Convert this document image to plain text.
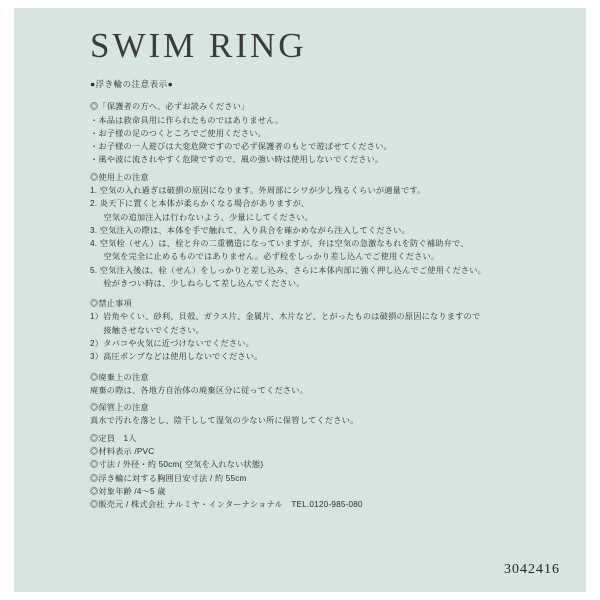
SWIM RING
●浮き輪の注意表示●

◎「保護者の方へ、必ずお読みください」

・本品は救命具用に作られたものではありません。

・お子様の足のつくところでご使用ください。

・お子様の一人遊びは大変危険ですので必ず保護者のもとで遊ばせてください。

・風や波に流されやすく危険ですので、風の強い時は使用しないでください。

◎使用上の注意

1. 空気の入れ過ぎは破損の原因になります。外周部にシワが少し残るくらいが適量です。

2. 炎天下に置くと本体が柔らかくなる場合がありますが、

　  空気の追加注入は行わないよう、少量にしてください。

3. 空気注入の際は、本体を手で触れて、入り具合を確かめながら注入してください。

4. 空気栓（せん）は、栓と弁の二重構造になっていますが、弁は空気の急激なもれを防ぐ補助弁で、

　  空気を完全に止めるものではありません。必ず栓をしっかり差し込んでご使用ください。

5. 空気注入後は、栓（せん）をしっかりと差し込み、さらに本体内部に強く押し込んでご使用ください。

　  栓がきつい時は、少しねらして差し込んでください。

◎禁止事項

1）岩角やくい、砂利、貝殻、ガラス片、金属片、木片など、とがったものは破損の原因になりますので

　  接触させないでください。

2）タバコや火気に近づけないでください。

3）高圧ポンプなどは使用しないでください。

◎廃棄上の注意

廃棄の際は、各地方自治体の廃棄区分に従ってください。

◎保管上の注意

真水で汚れを落とし、陰干しして湿気の少ない所に保管してください。

◎定員　1人

◎材料表示 /PVC

◎寸法 / 外径・約 50cm( 空気を入れない状態)

◎浮き輪に対する胸囲目安寸法 / 約 55cm

◎対象年齢 /4～5 歳

◎販売元 / 株式会社 ナルミヤ・インターナショナル　TEL.0120-985-080

3042416
